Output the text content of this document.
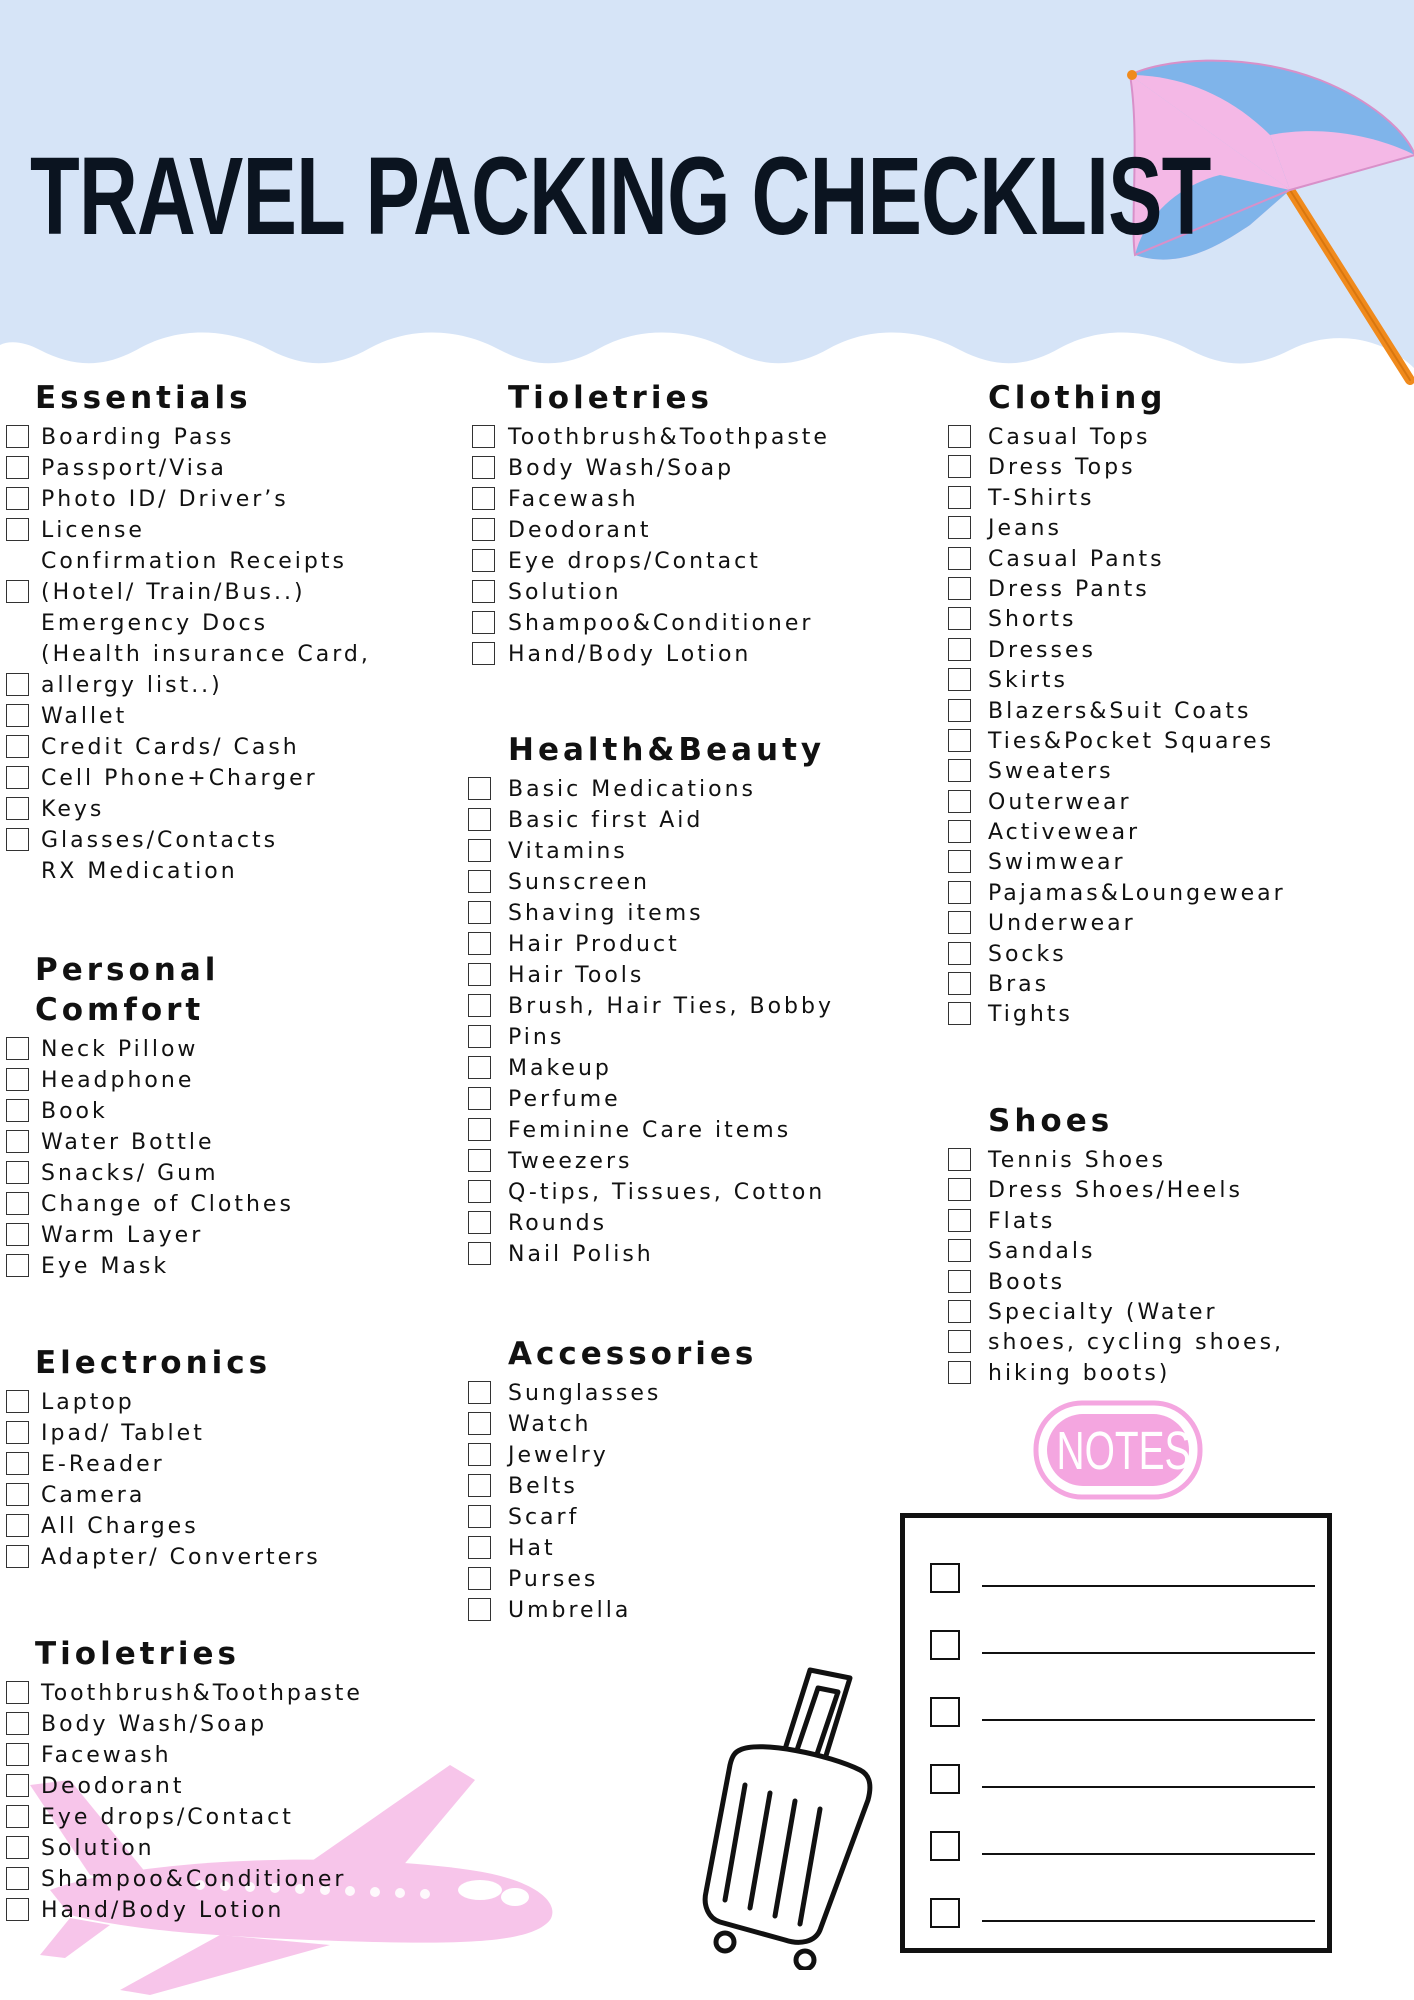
TRAVEL PACKING CHECKLIST
Essentials
Boarding Pass
Passport/Visa
Photo ID/ Driver’s
License
Confirmation Receipts
(Hotel/ Train/Bus..)
Emergency Docs
(Health insurance Card,
allergy list..)
Wallet
Credit Cards/ Cash
Cell Phone+Charger
Keys
Glasses/Contacts
RX Medication
Personal
Comfort
Neck Pillow
Headphone
Book
Water Bottle
Snacks/ Gum
Change of Clothes
Warm Layer
Eye Mask
Electronics
Laptop
Ipad/ Tablet
E-Reader
Camera
All Charges
Adapter/ Converters
Tioletries
Toothbrush&Toothpaste
Body Wash/Soap
Facewash
Deodorant
Eye drops/Contact
Solution
Shampoo&Conditioner
Hand/Body Lotion
Tioletries
Toothbrush&Toothpaste
Body Wash/Soap
Facewash
Deodorant
Eye drops/Contact
Solution
Shampoo&Conditioner
Hand/Body Lotion
Health&Beauty
Basic Medications
Basic first Aid
Vitamins
Sunscreen
Shaving items
Hair Product
Hair Tools
Brush, Hair Ties, Bobby
Pins
Makeup
Perfume
Feminine Care items
Tweezers
Q-tips, Tissues, Cotton
Rounds
Nail Polish
Accessories
Sunglasses
Watch
Jewelry
Belts
Scarf
Hat
Purses
Umbrella
Clothing
Casual Tops
Dress Tops
T-Shirts
Jeans
Casual Pants
Dress Pants
Shorts
Dresses
Skirts
Blazers&Suit Coats
Ties&Pocket Squares
Sweaters
Outerwear
Activewear
Swimwear
Pajamas&Loungewear
Underwear
Socks
Bras
Tights
Shoes
Tennis Shoes
Dress Shoes/Heels
Flats
Sandals
Boots
Specialty (Water
shoes, cycling shoes,
hiking boots)
NOTES
